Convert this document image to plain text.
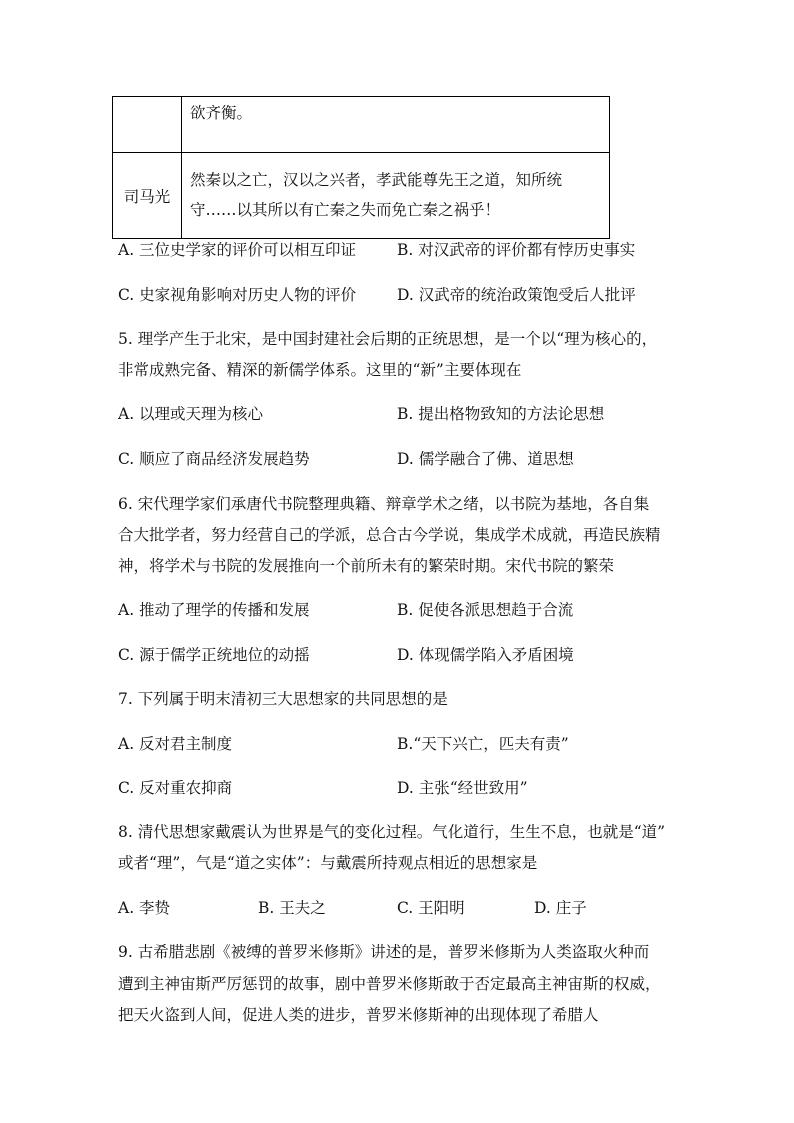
	欲齐衡。
司马光	然秦以之亡，汉以之兴者，孝武能尊先王之道，知所统
守……以其所以有亡秦之失而免亡秦之祸乎！
A. 三位史学家的评价可以相互印证	B. 对汉武帝的评价都有悖历史事实
C. 史家视角影响对历史人物的评价	D. 汉武帝的统治政策饱受后人批评
5. 理学产生于北宋，是中国封建社会后期的正统思想，是一个以“理为核心的，
非常成熟完备、精深的新儒学体系。这里的“新”主要体现在
A. 以理或天理为核心	B. 提出格物致知的方法论思想
C. 顺应了商品经济发展趋势	D. 儒学融合了佛、道思想
6. 宋代理学家们承唐代书院整理典籍、辩章学术之绪，以书院为基地，各自集
合大批学者，努力经营自己的学派，总合古今学说，集成学术成就，再造民族精
神，将学术与书院的发展推向一个前所未有的繁荣时期。宋代书院的繁荣
A. 推动了理学的传播和发展	B. 促使各派思想趋于合流
C. 源于儒学正统地位的动摇	D. 体现儒学陷入矛盾困境
7. 下列属于明末清初三大思想家的共同思想的是
A. 反对君主制度	B.“天下兴亡，匹夫有责”
C. 反对重农抑商	D. 主张“经世致用”
8. 清代思想家戴震认为世界是气的变化过程。气化道行，生生不息，也就是“道”
或者“理”，气是“道之实体”：与戴震所持观点相近的思想家是
A. 李贽	B. 王夫之	C. 王阳明	D. 庄子
9. 古希腊悲剧《被缚的普罗米修斯》讲述的是，普罗米修斯为人类盗取火种而
遭到主神宙斯严厉惩罚的故事，剧中普罗米修斯敢于否定最高主神宙斯的权威，
把天火盗到人间，促进人类的进步，普罗米修斯神的出现体现了希腊人
